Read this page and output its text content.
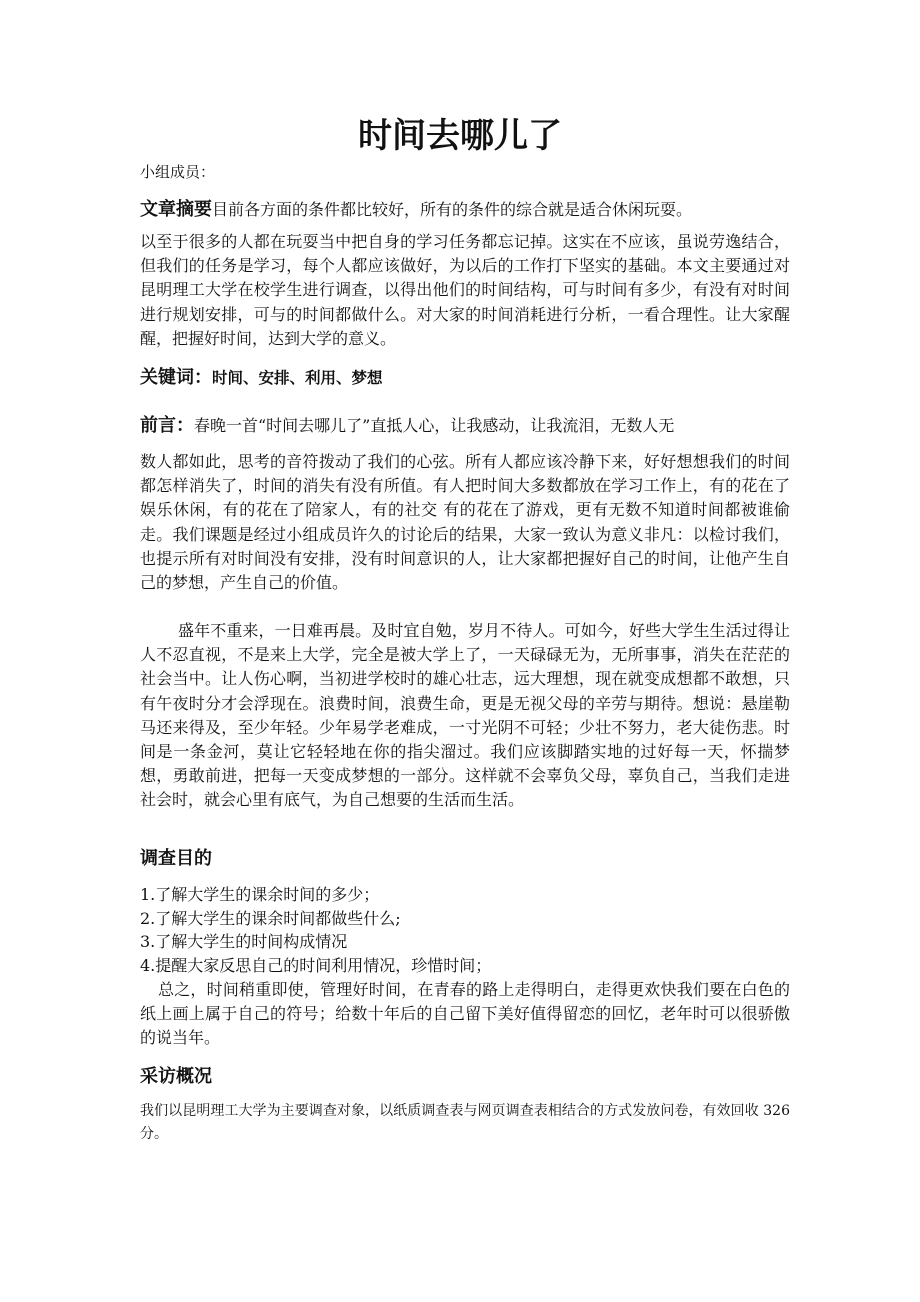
时间去哪儿了
小组成员：
文章摘要目前各方面的条件都比较好，所有的条件的综合就是适合休闲玩耍。

以至于很多的人都在玩耍当中把自身的学习任务都忘记掉。这实在不应该，虽说劳逸结合，但我们的任务是学习，每个人都应该做好，为以后的工作打下坚实的基础。本文主要通过对昆明理工大学在校学生进行调查，以得出他们的时间结构，可与时间有多少，有没有对时间进行规划安排，可与的时间都做什么。对大家的时间消耗进行分析，一看合理性。让大家醒醒，把握好时间，达到大学的意义。

关键词：时间、安排、利用、梦想
前言：春晚一首“时间去哪儿了”直抵人心，让我感动，让我流泪，无数人无

数人都如此，思考的音符拨动了我们的心弦。所有人都应该冷静下来，好好想想我们的时间都怎样消失了，时间的消失有没有所值。有人把时间大多数都放在学习工作上，有的花在了娱乐休闲，有的花在了陪家人，有的社交 有的花在了游戏，更有无数不知道时间都被谁偷走。我们课题是经过小组成员许久的讨论后的结果，大家一致认为意义非凡：以检讨我们，也提示所有对时间没有安排，没有时间意识的人，让大家都把握好自己的时间，让他产生自己的梦想，产生自己的价值。

盛年不重来，一日难再晨。及时宜自勉，岁月不待人。可如今，好些大学生生活过得让人不忍直视，不是来上大学，完全是被大学上了，一天碌碌无为，无所事事，消失在茫茫的社会当中。让人伤心啊，当初进学校时的雄心壮志，远大理想，现在就变成想都不敢想，只有午夜时分才会浮现在。浪费时间，浪费生命，更是无视父母的辛劳与期待。想说：悬崖勒马还来得及，至少年轻。少年易学老难成，一寸光阴不可轻；少壮不努力，老大徒伤悲。时间是一条金河，莫让它轻轻地在你的指尖溜过。我们应该脚踏实地的过好每一天，怀揣梦想，勇敢前进，把每一天变成梦想的一部分。这样就不会辜负父母，辜负自己，当我们走进社会时，就会心里有底气，为自己想要的生活而生活。

调查目的
1.了解大学生的课余时间的多少；
2.了解大学生的课余时间都做些什么;
3.了解大学生的时间构成情况
4.提醒大家反思自己的时间利用情况，珍惜时间；

总之，时间稍重即使，管理好时间，在青春的路上走得明白，走得更欢快我们要在白色的纸上画上属于自己的符号；给数十年后的自己留下美好值得留恋的回忆，老年时可以很骄傲的说当年。

采访概况

我们以昆明理工大学为主要调查对象，以纸质调查表与网页调查表相结合的方式发放问卷，有效回收 326 分。
